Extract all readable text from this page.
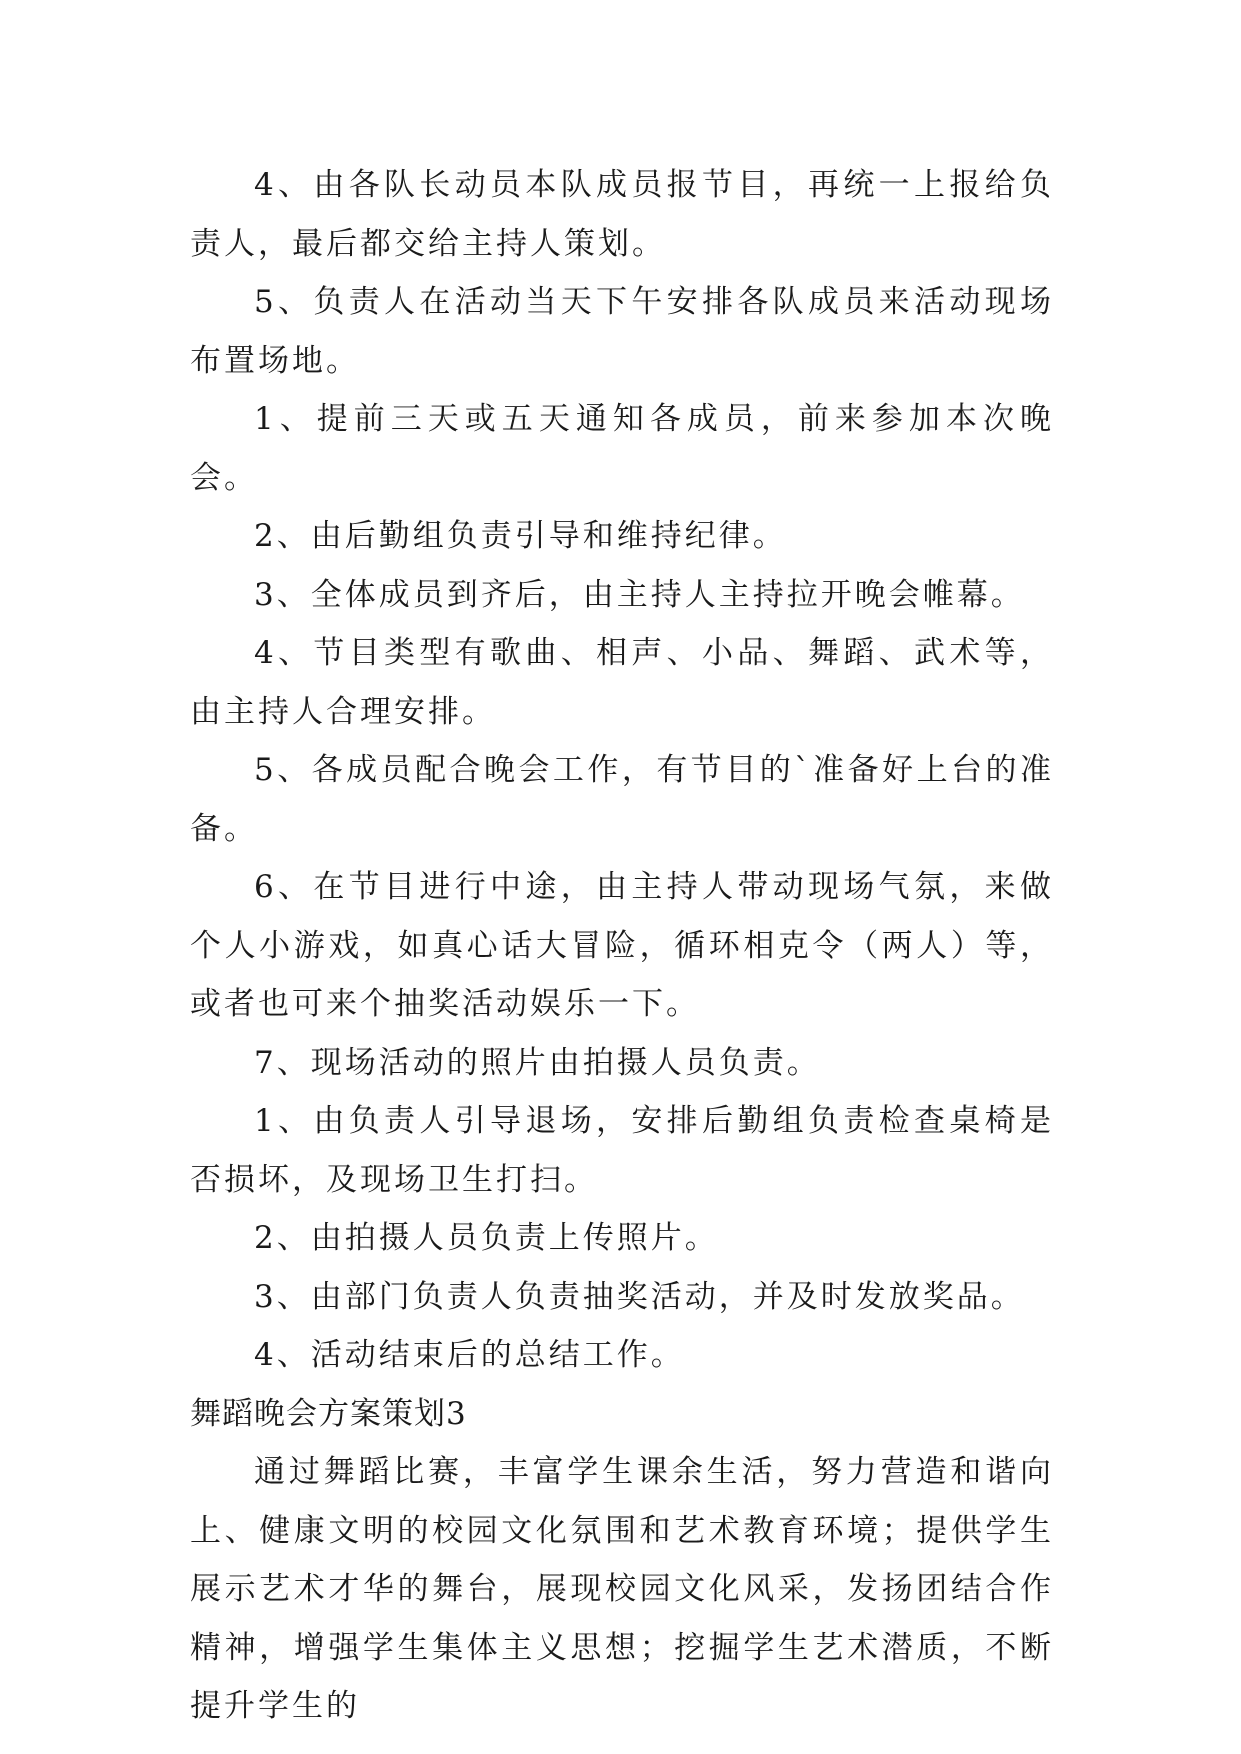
4、由各队长动员本队成员报节目，再统一上报给负责人，最后都交给主持人策划。

5、负责人在活动当天下午安排各队成员来活动现场布置场地。

1、提前三天或五天通知各成员，前来参加本次晚会。

2、由后勤组负责引导和维持纪律。

3、全体成员到齐后，由主持人主持拉开晚会帷幕。

4、节目类型有歌曲、相声、小品、舞蹈、武术等，由主持人合理安排。

5、各成员配合晚会工作，有节目的`准备好上台的准备。

6、在节目进行中途，由主持人带动现场气氛，来做个人小游戏，如真心话大冒险，循环相克令（两人）等，或者也可来个抽奖活动娱乐一下。

7、现场活动的照片由拍摄人员负责。

1、由负责人引导退场，安排后勤组负责检查桌椅是否损坏，及现场卫生打扫。

2、由拍摄人员负责上传照片。

3、由部门负责人负责抽奖活动，并及时发放奖品。

4、活动结束后的总结工作。

舞蹈晚会方案策划3

通过舞蹈比赛，丰富学生课余生活，努力营造和谐向上、健康文明的校园文化氛围和艺术教育环境；提供学生展示艺术才华的舞台，展现校园文化风采，发扬团结合作精神，增强学生集体主义思想；挖掘学生艺术潜质，不断提升学生的
